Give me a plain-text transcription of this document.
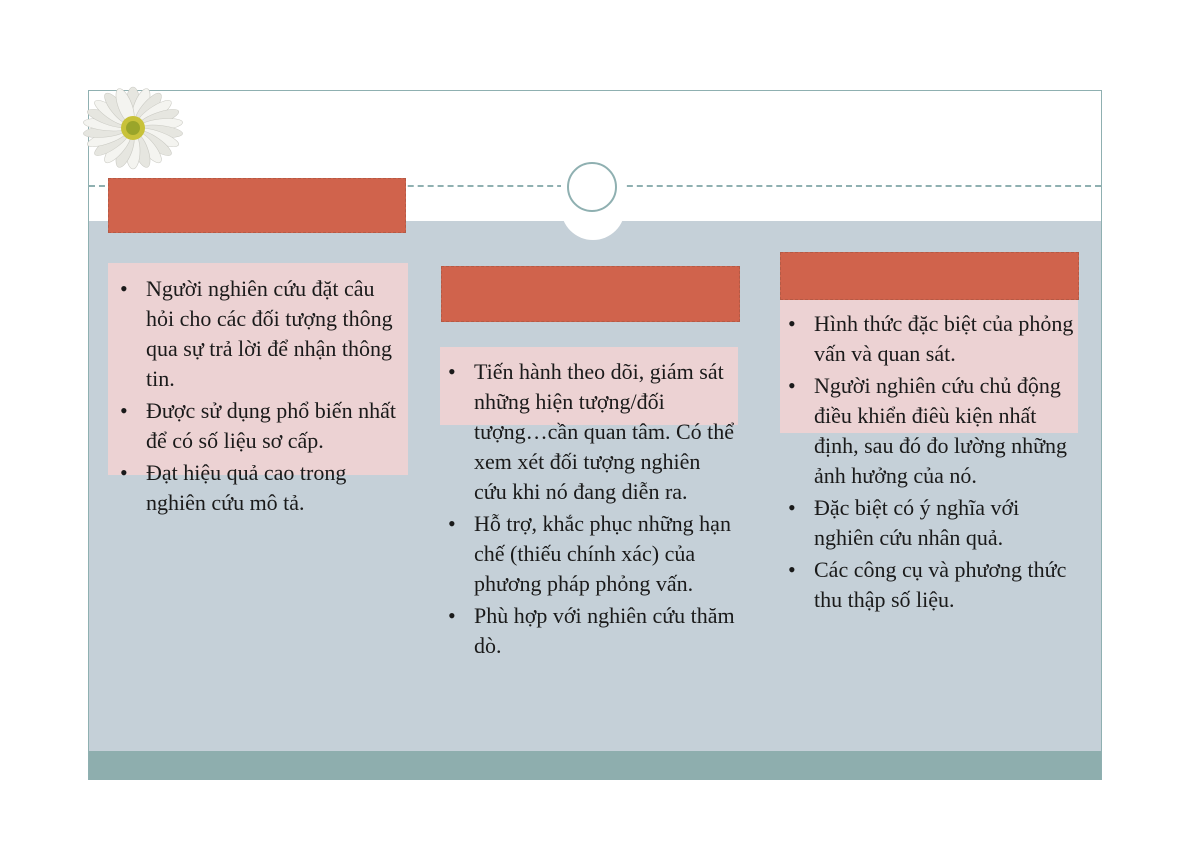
• Người nghiên cứu đặt câu hỏi cho các đối tượng thông qua sự trả lời để nhận thông tin.
• Được sử dụng phổ biến nhất để có số liệu sơ cấp.
• Đạt hiệu quả cao trong nghiên cứu mô tả.
• Tiến hành theo dõi, giám sát những hiện tượng/đối tượng…cần quan tâm. Có thể xem xét đối tượng nghiên cứu khi nó đang diễn ra.
• Hỗ trợ, khắc phục những hạn chế (thiếu chính xác) của phương pháp phỏng vấn.
• Phù hợp với nghiên cứu thăm dò.
• Hình thức đặc biệt của phỏng vấn và quan sát.
• Người nghiên cứu chủ động điều khiển điêù kiện nhất định, sau đó đo lường những ảnh hưởng của nó.
• Đặc biệt có ý nghĩa với nghiên cứu nhân quả.
• Các công cụ và phương thức thu thập số liệu.
